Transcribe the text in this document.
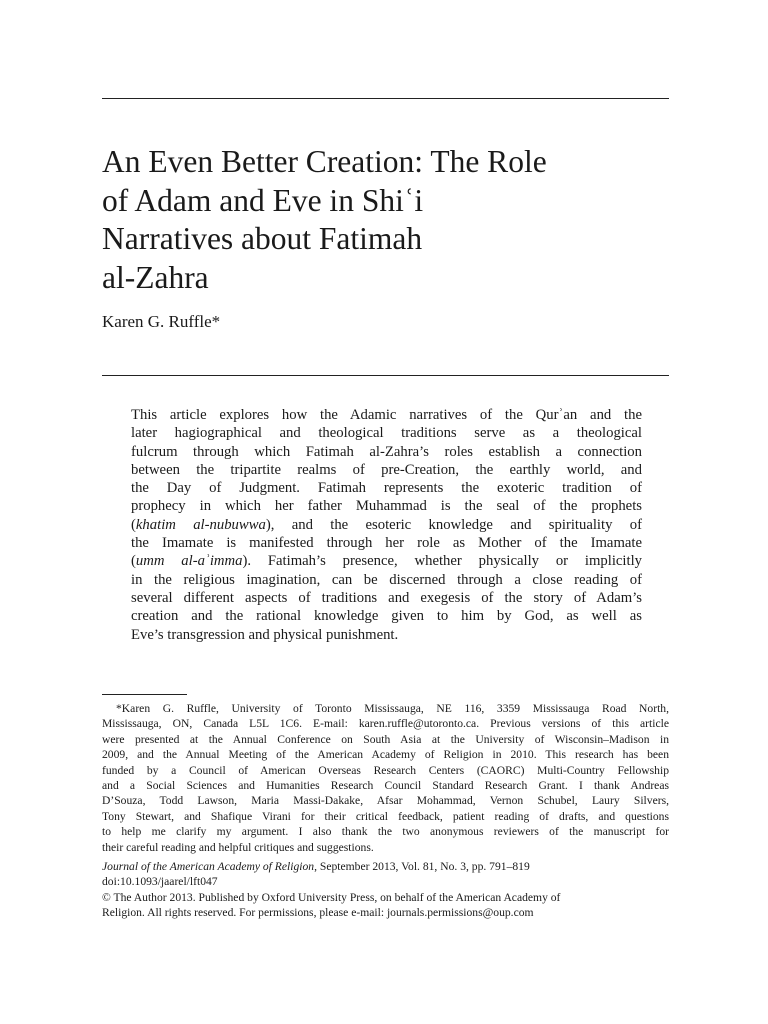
An Even Better Creation: The Role
of Adam and Eve in Shiʿi
Narratives about Fatimah
al-Zahra
Karen G. Ruffle*
This article explores how the Adamic narratives of the Qurʾan and the
later hagiographical and theological traditions serve as a theological
fulcrum through which Fatimah al-Zahra’s roles establish a connection
between the tripartite realms of pre-Creation, the earthly world, and
the Day of Judgment. Fatimah represents the exoteric tradition of
prophecy in which her father Muhammad is the seal of the prophets
(khatim al-nubuwwa), and the esoteric knowledge and spirituality of
the Imamate is manifested through her role as Mother of the Imamate
(umm al-aʾimma). Fatimah’s presence, whether physically or implicitly
in the religious imagination, can be discerned through a close reading of
several different aspects of traditions and exegesis of the story of Adam’s
creation and the rational knowledge given to him by God, as well as
Eve’s transgression and physical punishment.
*Karen G. Ruffle, University of Toronto Mississauga, NE 116, 3359 Mississauga Road North,
Mississauga, ON, Canada L5L 1C6. E-mail: karen.ruffle@utoronto.ca. Previous versions of this article
were presented at the Annual Conference on South Asia at the University of Wisconsin–Madison in
2009, and the Annual Meeting of the American Academy of Religion in 2010. This research has been
funded by a Council of American Overseas Research Centers (CAORC) Multi-Country Fellowship
and a Social Sciences and Humanities Research Council Standard Research Grant. I thank Andreas
D’Souza, Todd Lawson, Maria Massi-Dakake, Afsar Mohammad, Vernon Schubel, Laury Silvers,
Tony Stewart, and Shafique Virani for their critical feedback, patient reading of drafts, and questions
to help me clarify my argument. I also thank the two anonymous reviewers of the manuscript for
their careful reading and helpful critiques and suggestions.
Journal of the American Academy of Religion, September 2013, Vol. 81, No. 3, pp. 791–819
doi:10.1093/jaarel/lft047
© The Author 2013. Published by Oxford University Press, on behalf of the American Academy of
Religion. All rights reserved. For permissions, please e-mail: journals.permissions@oup.com
